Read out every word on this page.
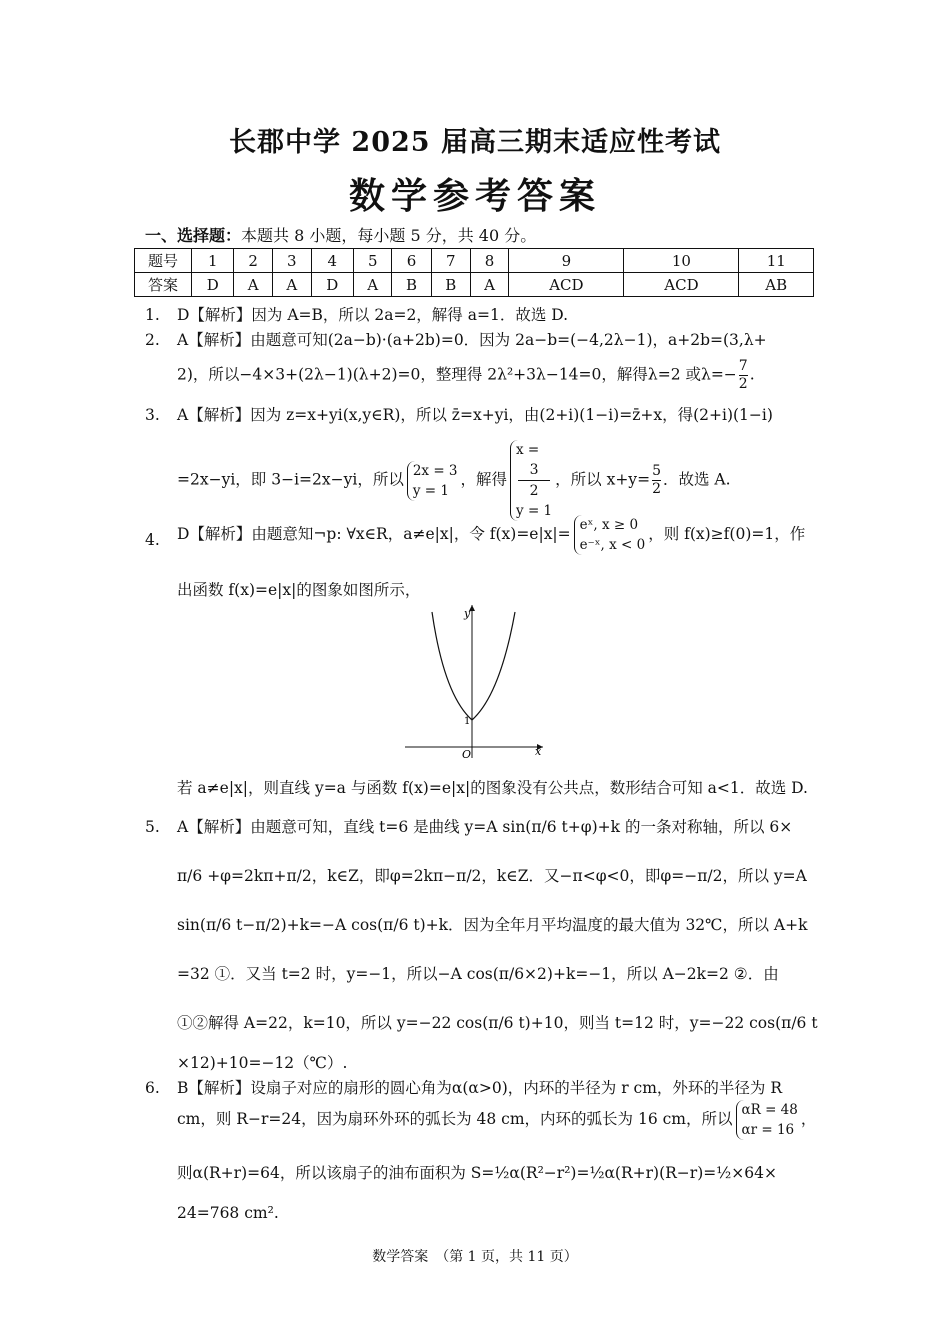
长郡中学 2025 届高三期末适应性考试
数学参考答案
一、选择题：本题共 8 小题，每小题 5 分，共 40 分。
题号	1	2	3	4	5	6	7	8	9	10	11
答案	D	A	A	D	A	B	B	A	ACD	ACD	AB
1. D【解析】因为 A=B，所以 2a=2，解得 a=1．故选 D.
2. A【解析】由题意可知(2a−b)·(a+2b)=0．因为 2a−b=(−4,2λ−1)，a+2b=(3,λ+
2)，所以−4×3+(2λ−1)(λ+2)=0，整理得 2λ²+3λ−14=0，解得λ=2 或$\lambda=- \frac{7}{2}$ .
3. A【解析】因为 z=x+yi(x,y∈R)，所以 z̄=x+yi，由(2+i)(1−i)=z̄+x，得(2+i)(1−i)
=2x−yi，即 3−i=2x−yi，所以 2x = 3
y = 1
，解得
x =
3
2
y = 1
，所以 $x+y= \frac{5}{2}$ ．故选 A.
4. D【解析】由题意知¬p: ∀x∈R，a≠e|x|，令 f(x)=e|x|= eˣ, x ≥ 0
e⁻ˣ, x < 0
，则 f(x)≥f(0)=1，作
出函数 f(x)=e|x|的图象如图所示，
y
x
O
1
若 a≠e|x|，则直线 y=a 与函数 f(x)=e|x|的图象没有公共点，数形结合可知 a<1．故选 D.
5. A【解析】由题意可知，直线 t=6 是曲线 y=A sin(π/6 t+φ)+k 的一条对称轴，所以 6×
π/6 +φ=2kπ+π/2，k∈Z，即φ=2kπ−π/2，k∈Z．又−π<φ<0，即φ=−π/2，所以 y=A
sin(π/6 t−π/2)+k=−A cos(π/6 t)+k．因为全年月平均温度的最大值为 32℃，所以 A+k
=32 ①．又当 t=2 时，y=−1，所以−A cos(π/6×2)+k=−1，所以 A−2k=2 ②．由
①②解得 A=22，k=10，所以 y=−22 cos(π/6 t)+10，则当 t=12 时，y=−22 cos(π/6 t
×12)+10=−12（℃）.
6. B【解析】设扇子对应的扇形的圆心角为α(α>0)，内环的半径为 r cm，外环的半径为 R
cm，则 R−r=24，因为扇环外环的弧长为 48 cm，内环的弧长为 16 cm，所以 αR = 48
αr = 16
，
则α(R+r)=64，所以该扇子的油布面积为 S=½α(R²−r²)=½α(R+r)(R−r)=½×64×
24=768 cm².
数学答案　（第 1 页，共 11 页）
